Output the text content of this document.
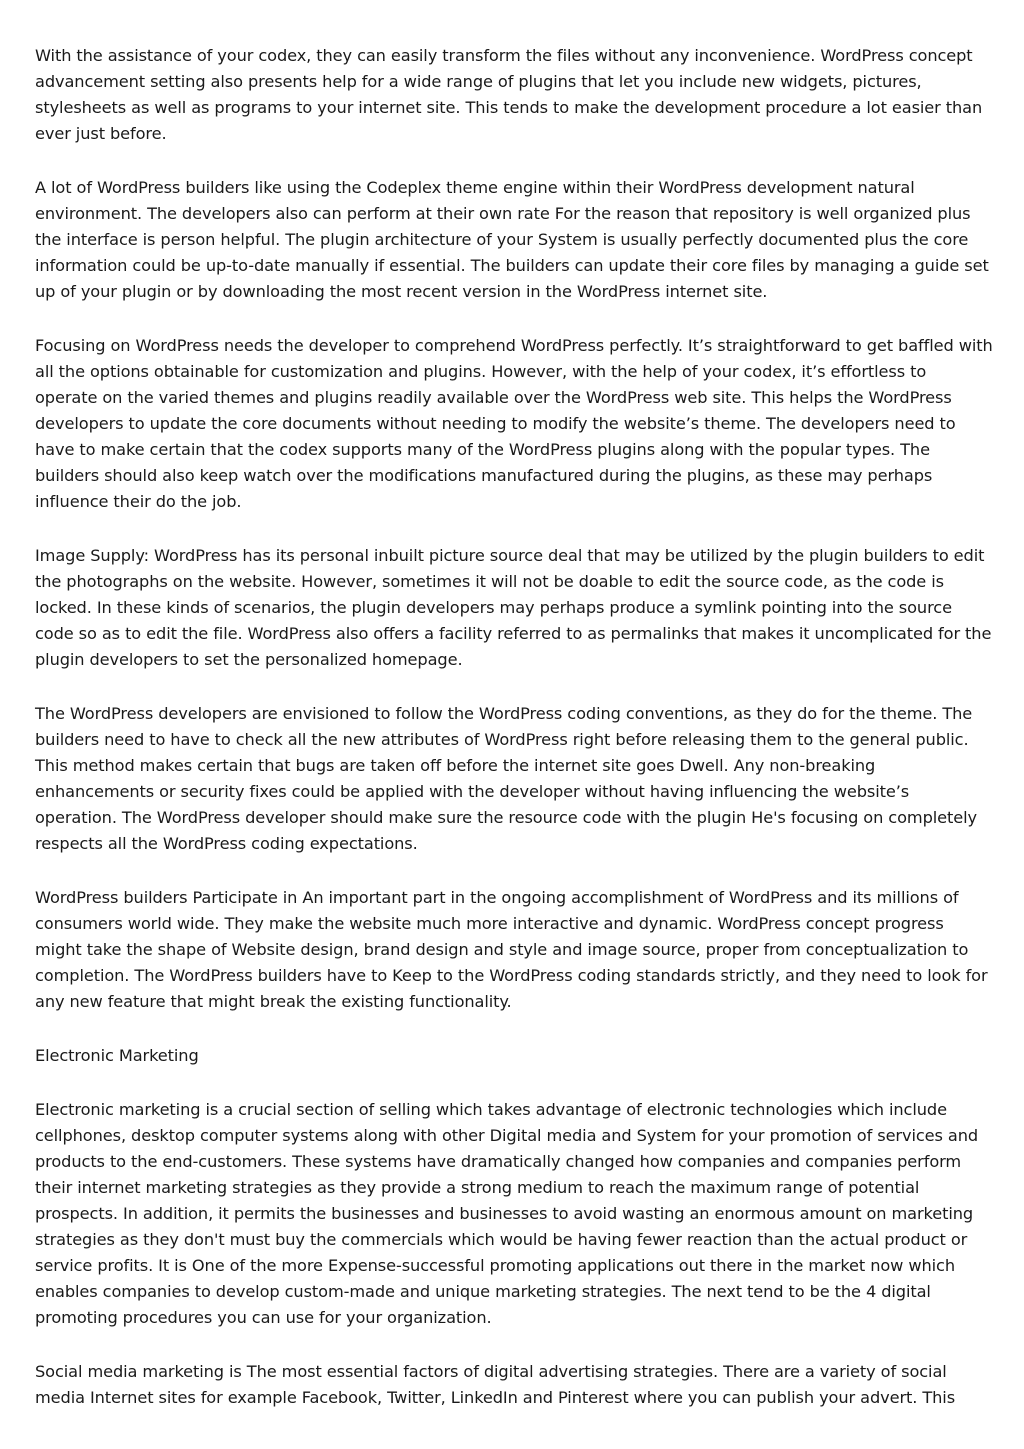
With the assistance of your codex, they can easily transform the files without any inconvenience. WordPress concept advancement setting also presents help for a wide range of plugins that let you include new widgets, pictures, stylesheets as well as programs to your internet site. This tends to make the development procedure a lot easier than ever just before.

A lot of WordPress builders like using the Codeplex theme engine within their WordPress development natural environment. The developers also can perform at their own rate For the reason that repository is well organized plus the interface is person helpful. The plugin architecture of your System is usually perfectly documented plus the core information could be up-to-date manually if essential. The builders can update their core files by managing a guide set up of your plugin or by downloading the most recent version in the WordPress internet site.

Focusing on WordPress needs the developer to comprehend WordPress perfectly. It’s straightforward to get baffled with all the options obtainable for customization and plugins. However, with the help of your codex, it’s effortless to operate on the varied themes and plugins readily available over the WordPress web site. This helps the WordPress developers to update the core documents without needing to modify the website’s theme. The developers need to have to make certain that the codex supports many of the WordPress plugins along with the popular types. The builders should also keep watch over the modifications manufactured during the plugins, as these may perhaps influence their do the job.

Image Supply: WordPress has its personal inbuilt picture source deal that may be utilized by the plugin builders to edit the photographs on the website. However, sometimes it will not be doable to edit the source code, as the code is locked. In these kinds of scenarios, the plugin developers may perhaps produce a symlink pointing into the source code so as to edit the file. WordPress also offers a facility referred to as permalinks that makes it uncomplicated for the plugin developers to set the personalized homepage.

The WordPress developers are envisioned to follow the WordPress coding conventions, as they do for the theme. The builders need to have to check all the new attributes of WordPress right before releasing them to the general public. This method makes certain that bugs are taken off before the internet site goes Dwell. Any non-breaking enhancements or security fixes could be applied with the developer without having influencing the website’s operation. The WordPress developer should make sure the resource code with the plugin He's focusing on completely respects all the WordPress coding expectations.

WordPress builders Participate in An important part in the ongoing accomplishment of WordPress and its millions of consumers world wide. They make the website much more interactive and dynamic. WordPress concept progress might take the shape of Website design, brand design and style and image source, proper from conceptualization to completion. The WordPress builders have to Keep to the WordPress coding standards strictly, and they need to look for any new feature that might break the existing functionality.

Electronic Marketing

Electronic marketing is a crucial section of selling which takes advantage of electronic technologies which include cellphones, desktop computer systems along with other Digital media and System for your promotion of services and products to the end-customers. These systems have dramatically changed how companies and companies perform their internet marketing strategies as they provide a strong medium to reach the maximum range of potential prospects. In addition, it permits the businesses and businesses to avoid wasting an enormous amount on marketing strategies as they don't must buy the commercials which would be having fewer reaction than the actual product or service profits. It is One of the more Expense-successful promoting applications out there in the market now which enables companies to develop custom-made and unique marketing strategies. The next tend to be the 4 digital promoting procedures you can use for your organization.

Social media marketing is The most essential factors of digital advertising strategies. There are a variety of social media Internet sites for example Facebook, Twitter, LinkedIn and Pinterest where you can publish your advert. This
